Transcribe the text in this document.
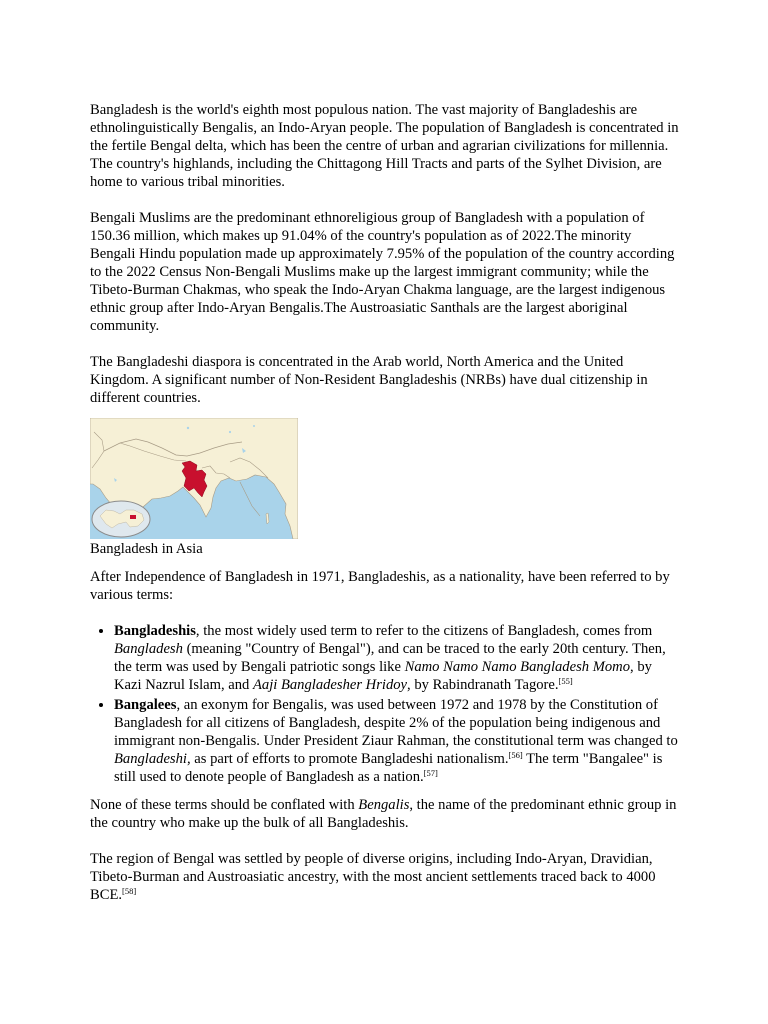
Bangladesh is the world's eighth most populous nation. The vast majority of Bangladeshis are ethnolinguistically Bengalis, an Indo-Aryan people. The population of Bangladesh is concentrated in the fertile Bengal delta, which has been the centre of urban and agrarian civilizations for millennia. The country's highlands, including the Chittagong Hill Tracts and parts of the Sylhet Division, are home to various tribal minorities.

Bengali Muslims are the predominant ethnoreligious group of Bangladesh with a population of 150.36 million, which makes up 91.04% of the country's population as of 2022.The minority Bengali Hindu population made up approximately 7.95% of the population of the country according to the 2022 Census Non-Bengali Muslims make up the largest immigrant community; while the Tibeto-Burman Chakmas, who speak the Indo-Aryan Chakma language, are the largest indigenous ethnic group after Indo-Aryan Bengalis.The Austroasiatic Santhals are the largest aboriginal community.

The Bangladeshi diaspora is concentrated in the Arab world, North America and the United Kingdom. A significant number of Non-Resident Bangladeshis (NRBs) have dual citizenship in different countries.

Bangladesh in Asia

After Independence of Bangladesh in 1971, Bangladeshis, as a nationality, have been referred to by various terms:

• Bangladeshis, the most widely used term to refer to the citizens of Bangladesh, comes from Bangladesh (meaning "Country of Bengal"), and can be traced to the early 20th century. Then, the term was used by Bengali patriotic songs like Namo Namo Namo Bangladesh Momo, by Kazi Nazrul Islam, and Aaji Bangladesher Hridoy, by Rabindranath Tagore.[55]
• Bangalees, an exonym for Bengalis, was used between 1972 and 1978 by the Constitution of Bangladesh for all citizens of Bangladesh, despite 2% of the population being indigenous and immigrant non-Bengalis. Under President Ziaur Rahman, the constitutional term was changed to Bangladeshi, as part of efforts to promote Bangladeshi nationalism.[56] The term "Bangalee" is still used to denote people of Bangladesh as a nation.[57]

None of these terms should be conflated with Bengalis, the name of the predominant ethnic group in the country who make up the bulk of all Bangladeshis.

The region of Bengal was settled by people of diverse origins, including Indo-Aryan, Dravidian, Tibeto-Burman and Austroasiatic ancestry, with the most ancient settlements traced back to 4000 BCE.[58]
